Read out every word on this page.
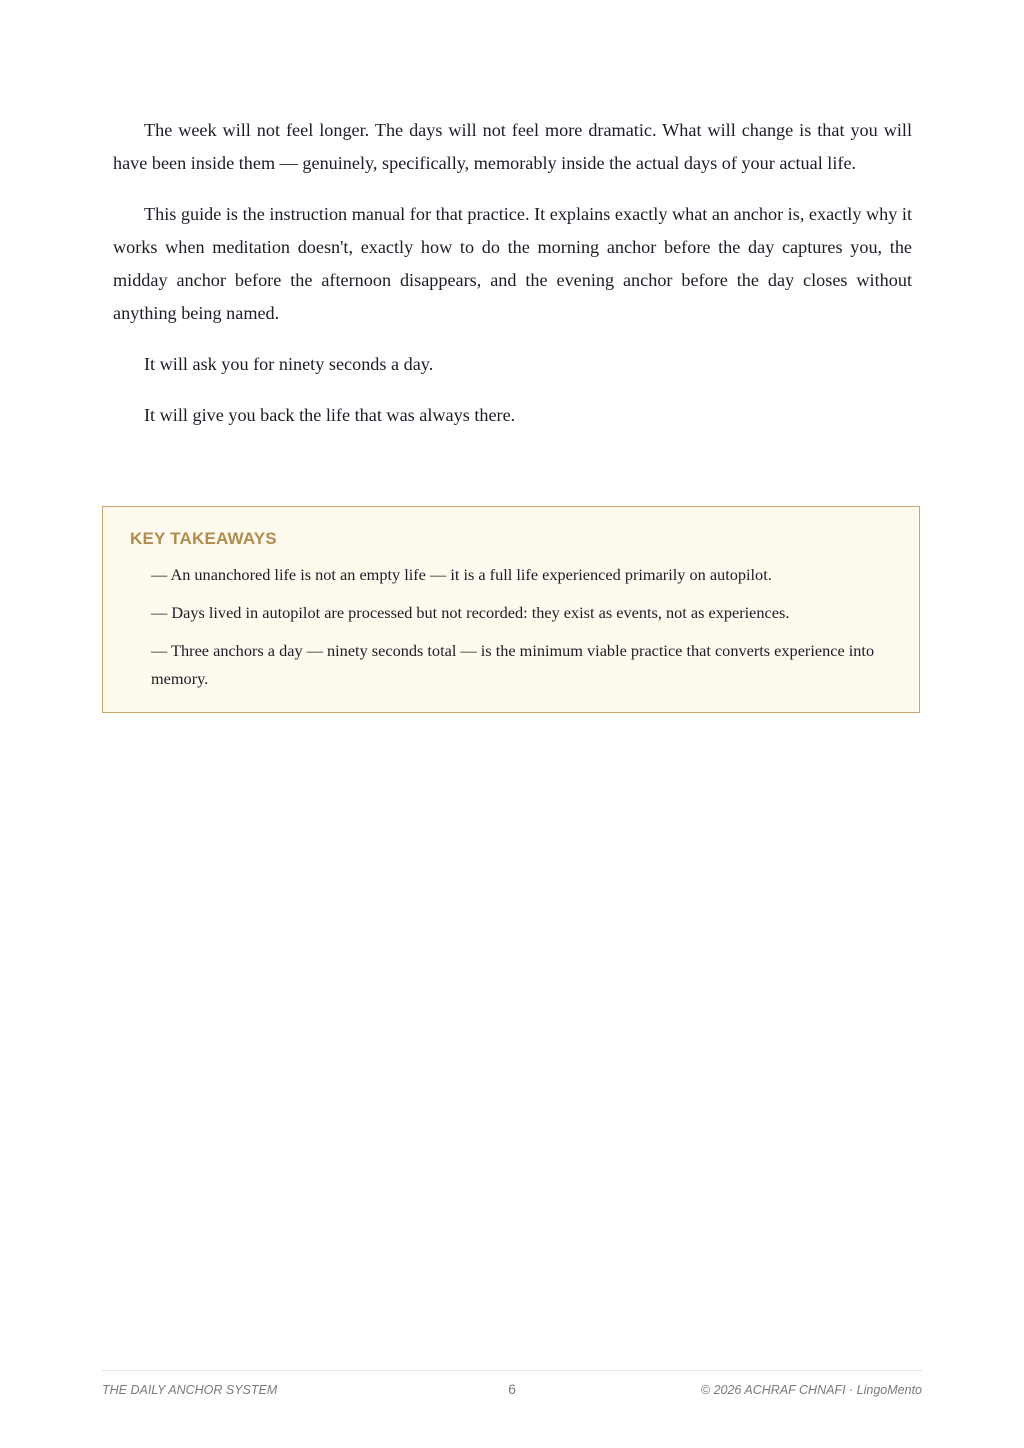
The week will not feel longer. The days will not feel more dramatic. What will change is that you will have been inside them — genuinely, specifically, memorably inside the actual days of your actual life.

This guide is the instruction manual for that practice. It explains exactly what an anchor is, exactly why it works when meditation doesn't, exactly how to do the morning anchor before the day captures you, the midday anchor before the afternoon disappears, and the evening anchor before the day closes without anything being named.

It will ask you for ninety seconds a day.

It will give you back the life that was always there.

KEY TAKEAWAYS
— An unanchored life is not an empty life — it is a full life experienced primarily on autopilot.
— Days lived in autopilot are processed but not recorded: they exist as events, not as experiences.
— Three anchors a day — ninety seconds total — is the minimum viable practice that converts experience into memory.
THE DAILY ANCHOR SYSTEM	6	© 2026 ACHRAF CHNAFI · LingoMento
